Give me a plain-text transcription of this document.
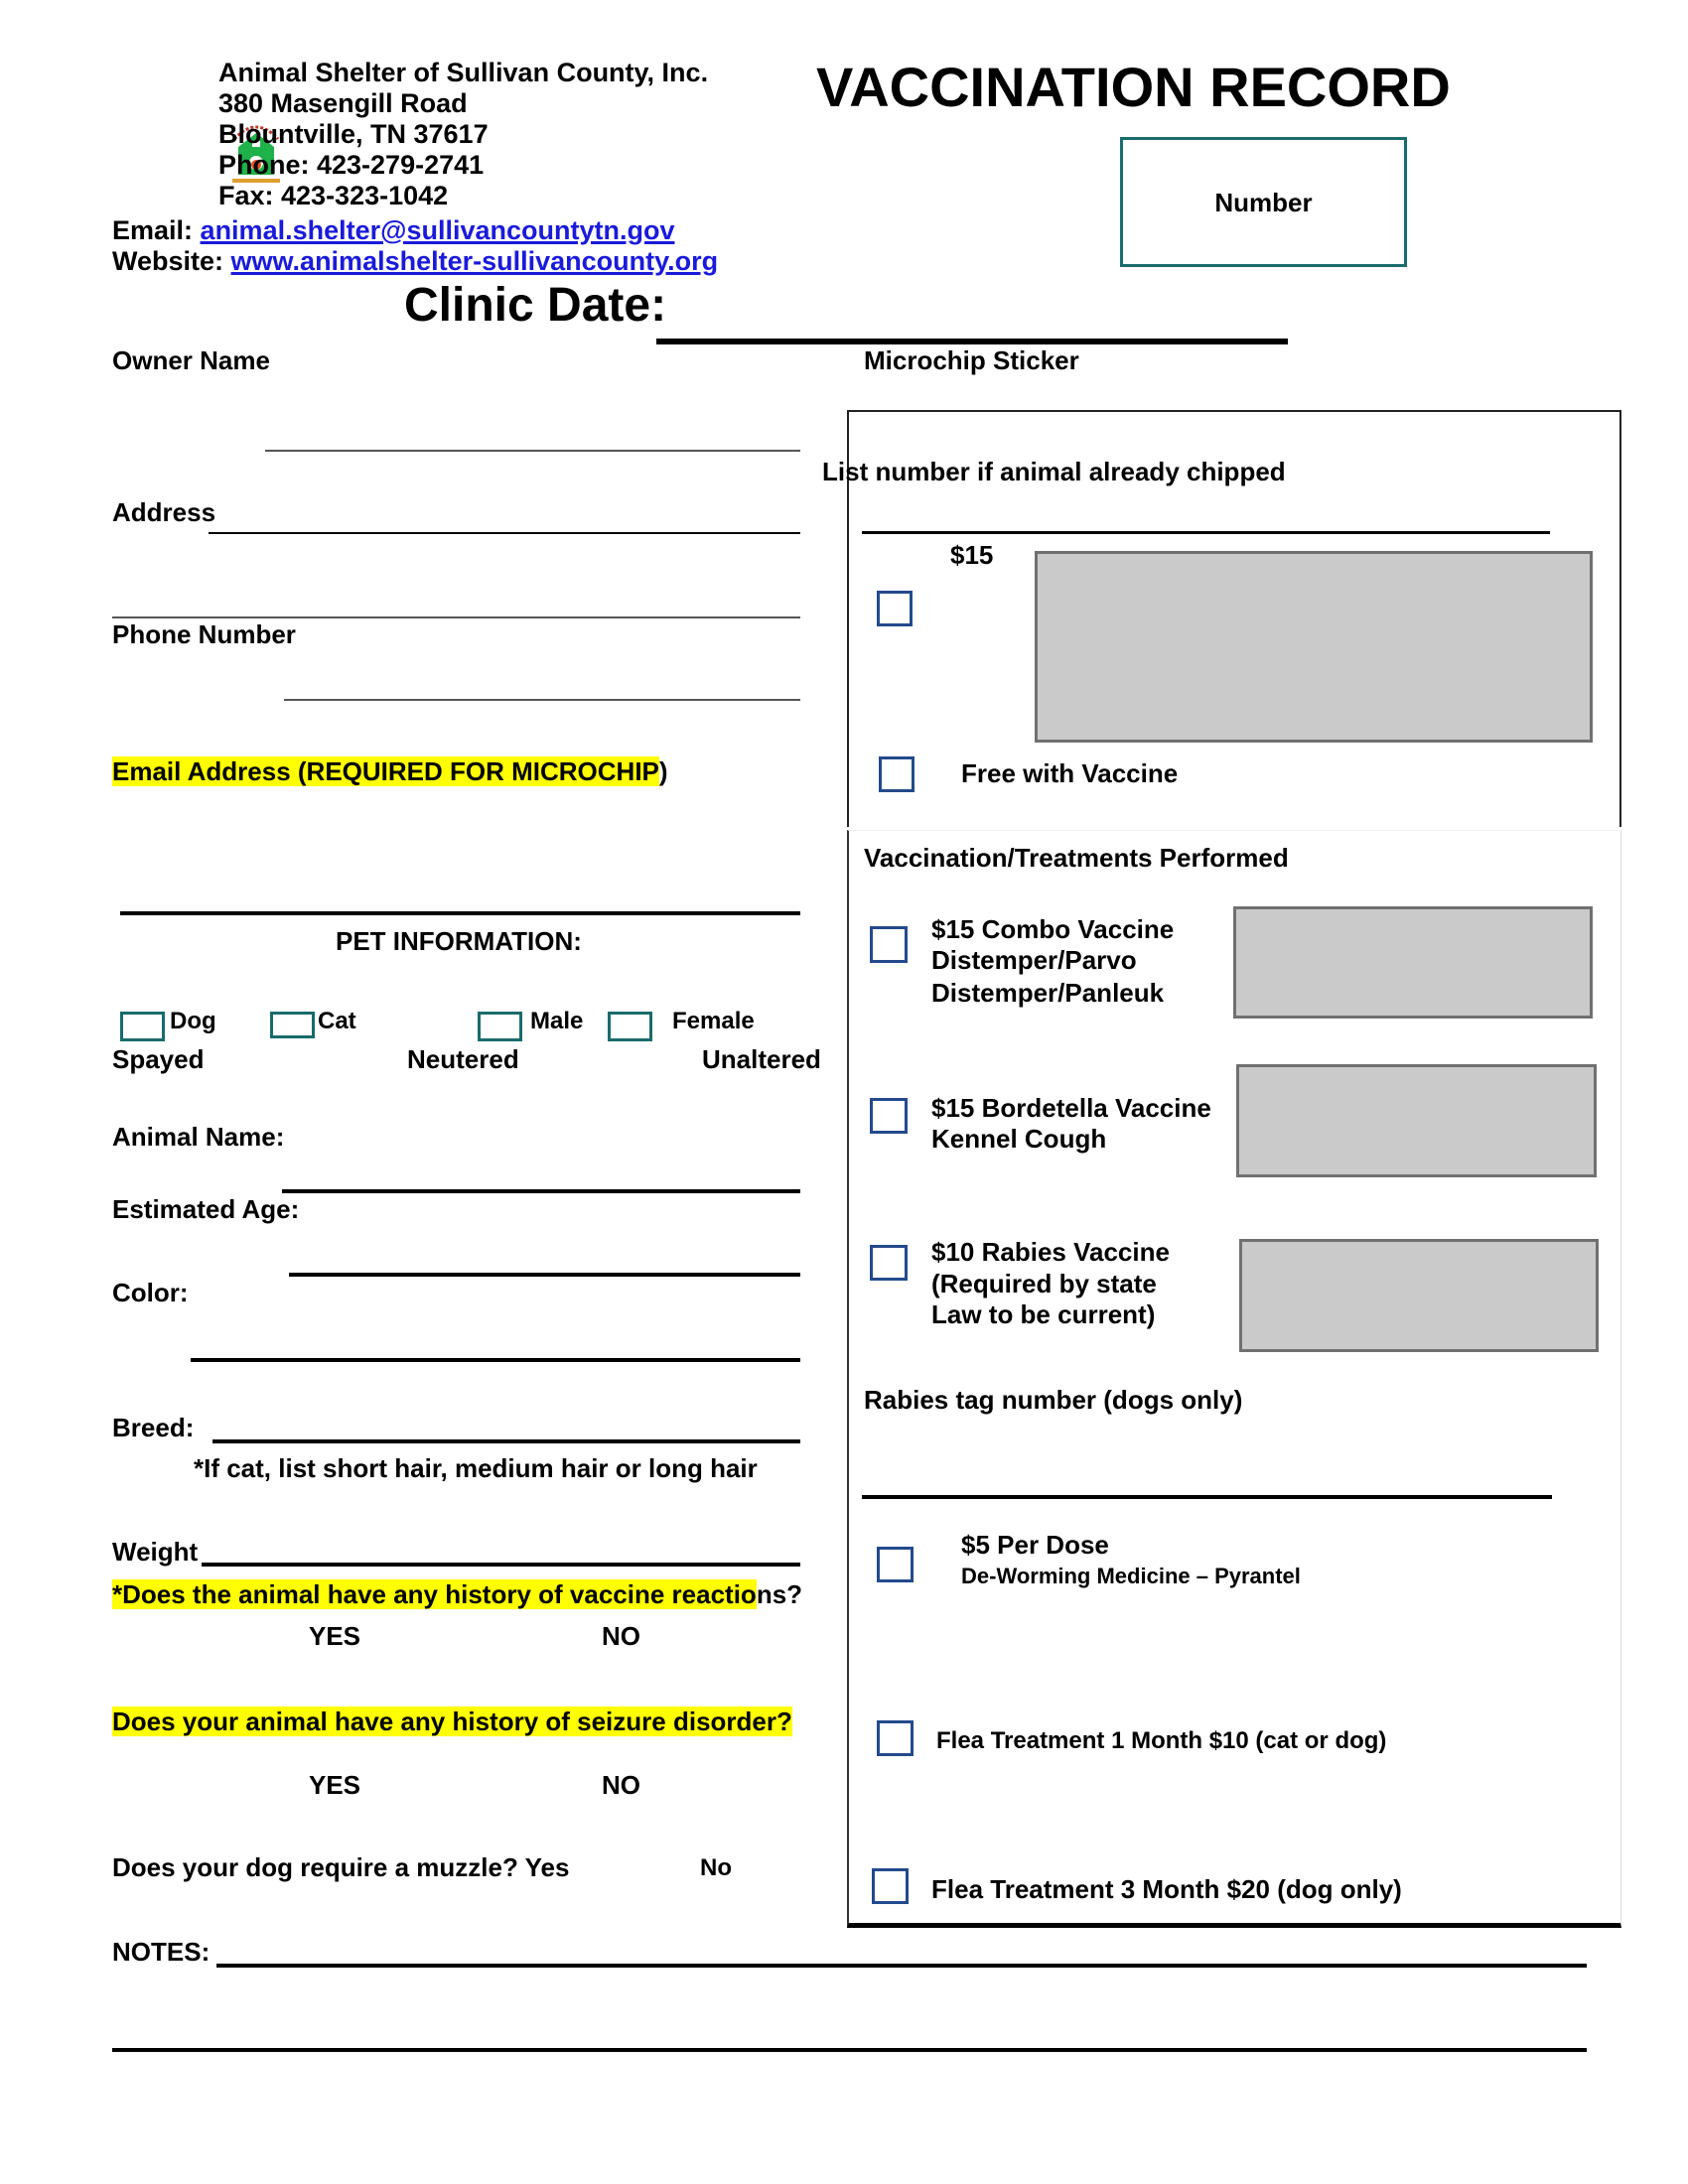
Animal Shelter of Sullivan County, Inc.
380 Masengill Road
Blountville, TN 37617
Phone: 423-279-2741
Fax: 423-323-1042
Email: animal.shelter@sullivancountytn.gov
Website: www.animalshelter-sullivancounty.org
VACCINATION RECORD
Number
Clinic Date:
Owner Name
Address
Phone Number
Email Address (REQUIRED FOR MICROCHIP)
PET INFORMATION:
Dog	Cat	Male	Female
Spayed	Neutered	Unaltered
Animal Name:
Estimated Age:
Color:
Breed:
*If cat, list short hair, medium hair or long hair
Weight
*Does the animal have any history of vaccine reactions?
YES	NO
Does your animal have any history of seizure disorder?
YES	NO
Does your dog require a muzzle? Yes	No
NOTES:
Microchip Sticker
List number if animal already chipped
$15
Free with Vaccine
Vaccination/Treatments Performed
$15 Combo Vaccine
Distemper/Parvo
Distemper/Panleuk
$15 Bordetella Vaccine
Kennel Cough
$10 Rabies Vaccine
(Required by state
Law to be current)
Rabies tag number (dogs only)
$5 Per Dose
De-Worming Medicine – Pyrantel
Flea Treatment 1 Month $10 (cat or dog)
Flea Treatment 3 Month $20 (dog only)
